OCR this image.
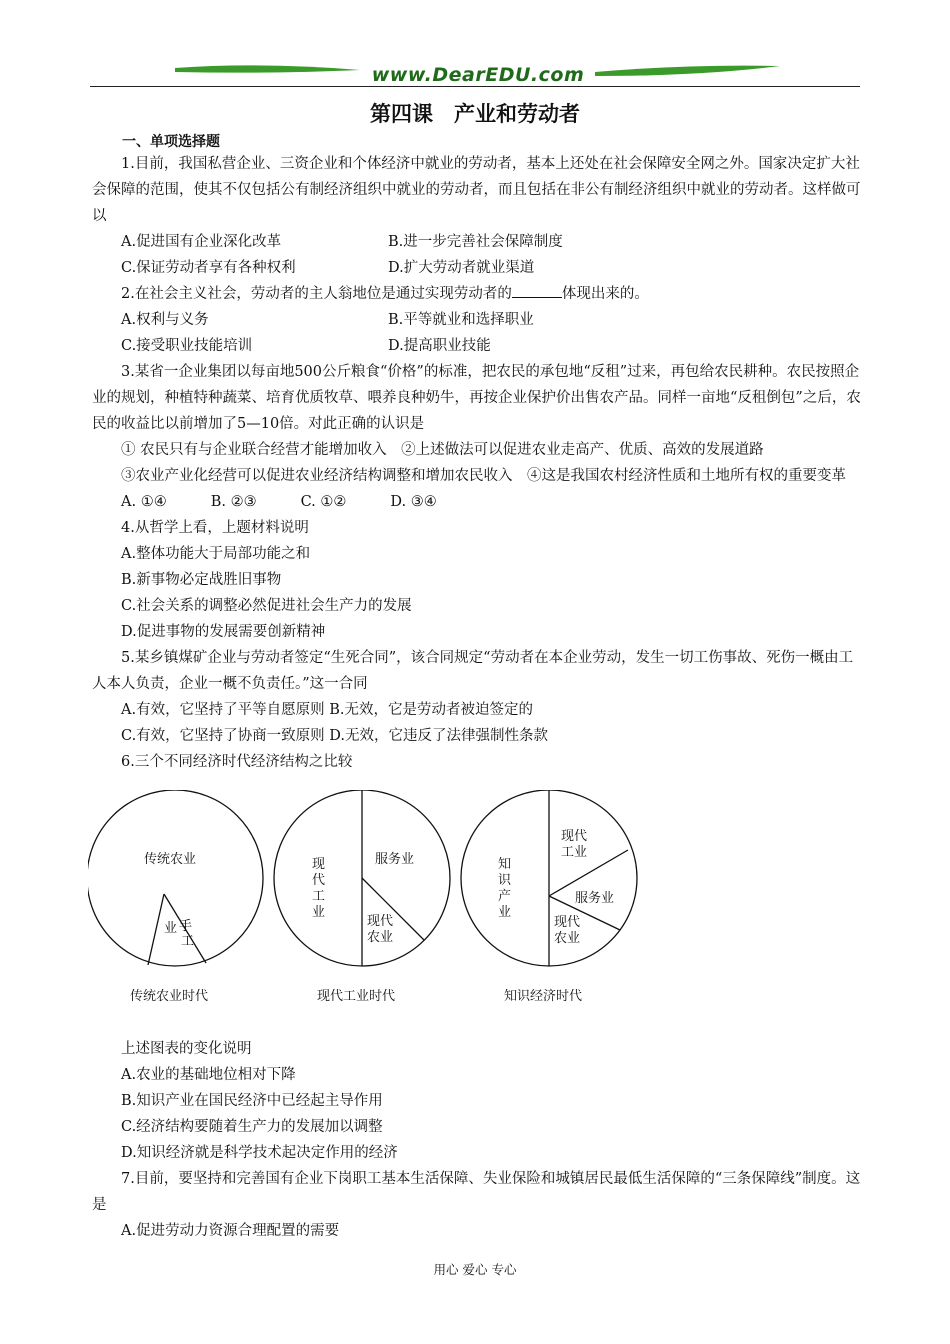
www.DearEDU.com
第四课　产业和劳动者
一、单项选择题

1.目前，我国私营企业、三资企业和个体经济中就业的劳动者，基本上还处在社会保障安全网之外。国家决定扩大社会保障的范围，使其不仅包括公有制经济组织中就业的劳动者，而且包括在非公有制经济组织中就业的劳动者。这样做可以

A.促进国有企业深化改革	B.进一步完善社会保障制度
C.保证劳动者享有各种权利	D.扩大劳动者就业渠道

2.在社会主义社会，劳动者的主人翁地位是通过实现劳动者的	体现出来的。

A.权利与义务	B.平等就业和选择职业
C.接受职业技能培训	D.提高职业技能

3.某省一企业集团以每亩地500公斤粮食“价格”的标准，把农民的承包地“反租”过来，再包给农民耕种。农民按照企业的规划，种植特种蔬菜、培育优质牧草、喂养良种奶牛，再按企业保护价出售农产品。同样一亩地“反租倒包”之后，农民的收益比以前增加了5—10倍。对此正确的认识是

① 农民只有与企业联合经营才能增加收入　②上述做法可以促进农业走高产、优质、高效的发展道路

③农业产业化经营可以促进农业经济结构调整和增加农民收入　④这是我国农村经济性质和土地所有权的重要变革

A. ①④	B. ②③	C. ①②	D. ③④

4.从哲学上看，上题材料说明

A.整体功能大于局部功能之和

B.新事物必定战胜旧事物

C.社会关系的调整必然促进社会生产力的发展

D.促进事物的发展需要创新精神

5.某乡镇煤矿企业与劳动者签定“生死合同”，该合同规定“劳动者在本企业劳动，发生一切工伤事故、死伤一概由工人本人负责，企业一概不负责任。”这一合同

A.有效，它坚持了平等自愿原则 B.无效，它是劳动者被迫签定的

C.有效，它坚持了协商一致原则 D.无效，它违反了法律强制性条款

6.三个不同经济时代经济结构之比较

传统农业
手
业
工
传统农业时代
现
代
工
业
服务业
现代
农业
现代工业时代
知
识
产
业
现代
工业
服务业
现代
农业
知识经济时代

上述图表的变化说明

A.农业的基础地位相对下降

B.知识产业在国民经济中已经起主导作用

C.经济结构要随着生产力的发展加以调整

D.知识经济就是科学技术起决定作用的经济

7.目前，要坚持和完善国有企业下岗职工基本生活保障、失业保险和城镇居民最低生活保障的“三条保障线”制度。这是

A.促进劳动力资源合理配置的需要

用心 爱心 专心
